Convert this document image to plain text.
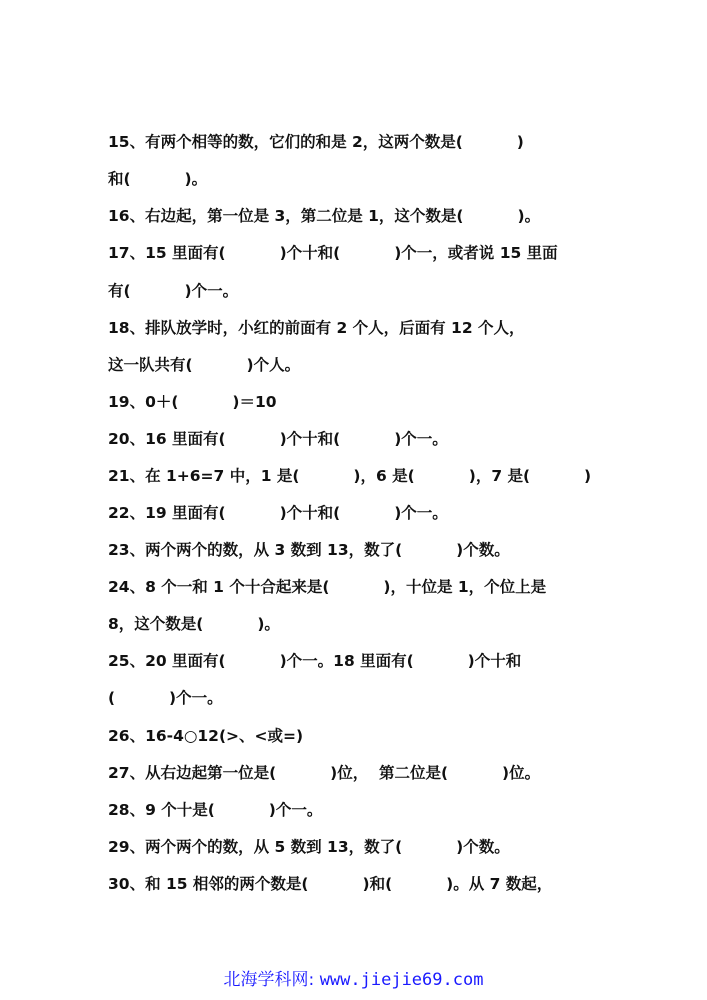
15、有两个相等的数，它们的和是 2，这两个数是(          )
和(          )。
16、右边起，第一位是 3，第二位是 1，这个数是(          )。
17、15 里面有(          )个十和(          )个一，或者说 15 里面
有(          )个一。
18、排队放学时，小红的前面有 2 个人，后面有 12 个人，
这一队共有(          )个人。
19、0＋(          )＝10
20、16 里面有(          )个十和(          )个一。
21、在 1+6=7 中，1 是(          )，6 是(          )，7 是(          )
22、19 里面有(          )个十和(          )个一。
23、两个两个的数，从 3 数到 13，数了(          )个数。
24、8 个一和 1 个十合起来是(          )，十位是 1，个位上是
8，这个数是(          )。
25、20 里面有(          )个一。18 里面有(          )个十和
(          )个一。
26、16-4○12(>、<或=)
27、从右边起第一位是(          )位，  第二位是(          )位。
28、9 个十是(          )个一。
29、两个两个的数，从 5 数到 13，数了(          )个数。
30、和 15 相邻的两个数是(          )和(          )。从 7 数起，
北海学科网: www.jiejie69.com
